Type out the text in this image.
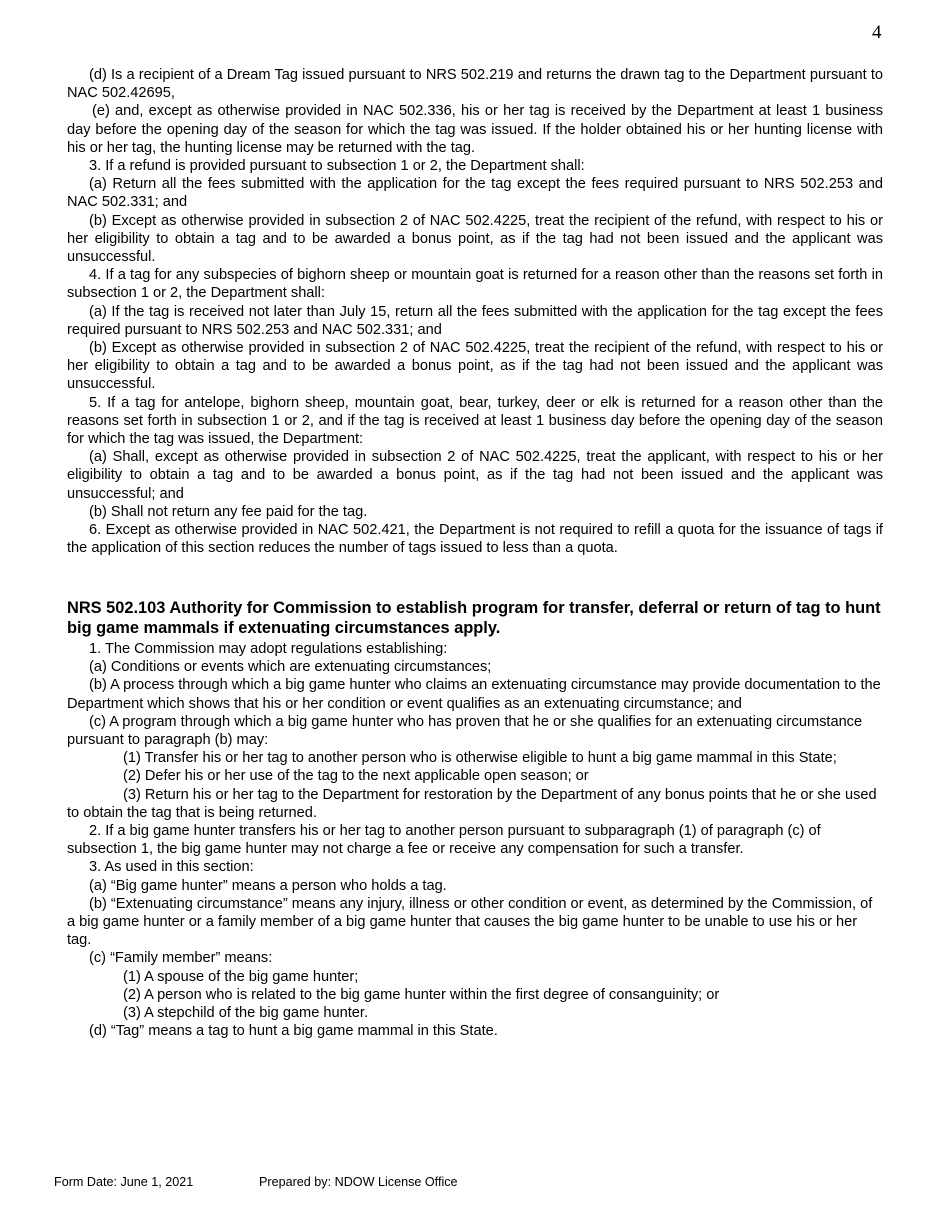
4

(d) Is a recipient of a Dream Tag issued pursuant to NRS 502.219 and returns the drawn tag to the Department pursuant to NAC 502.42695,

(e) and, except as otherwise provided in NAC 502.336, his or her tag is received by the Department at least 1 business day before the opening day of the season for which the tag was issued. If the holder obtained his or her hunting license with his or her tag, the hunting license may be returned with the tag.

3. If a refund is provided pursuant to subsection 1 or 2, the Department shall:

(a) Return all the fees submitted with the application for the tag except the fees required pursuant to NRS 502.253 and NAC 502.331; and

(b) Except as otherwise provided in subsection 2 of NAC 502.4225, treat the recipient of the refund, with respect to his or her eligibility to obtain a tag and to be awarded a bonus point, as if the tag had not been issued and the applicant was unsuccessful.

4. If a tag for any subspecies of bighorn sheep or mountain goat is returned for a reason other than the reasons set forth in subsection 1 or 2, the Department shall:

(a) If the tag is received not later than July 15, return all the fees submitted with the application for the tag except the fees required pursuant to NRS 502.253 and NAC 502.331; and

(b) Except as otherwise provided in subsection 2 of NAC 502.4225, treat the recipient of the refund, with respect to his or her eligibility to obtain a tag and to be awarded a bonus point, as if the tag had not been issued and the applicant was unsuccessful.

5. If a tag for antelope, bighorn sheep, mountain goat, bear, turkey, deer or elk is returned for a reason other than the reasons set forth in subsection 1 or 2, and if the tag is received at least 1 business day before the opening day of the season for which the tag was issued, the Department:

(a) Shall, except as otherwise provided in subsection 2 of NAC 502.4225, treat the applicant, with respect to his or her eligibility to obtain a tag and to be awarded a bonus point, as if the tag had not been issued and the applicant was unsuccessful; and

(b) Shall not return any fee paid for the tag.

6. Except as otherwise provided in NAC 502.421, the Department is not required to refill a quota for the issuance of tags if the application of this section reduces the number of tags issued to less than a quota.

NRS 502.103 Authority for Commission to establish program for transfer, deferral or return of tag to hunt big game mammals if extenuating circumstances apply.

1. The Commission may adopt regulations establishing:

(a) Conditions or events which are extenuating circumstances;

(b) A process through which a big game hunter who claims an extenuating circumstance may provide documentation to the Department which shows that his or her condition or event qualifies as an extenuating circumstance; and

(c) A program through which a big game hunter who has proven that he or she qualifies for an extenuating circumstance pursuant to paragraph (b) may:

(1) Transfer his or her tag to another person who is otherwise eligible to hunt a big game mammal in this State;

(2) Defer his or her use of the tag to the next applicable open season; or

(3) Return his or her tag to the Department for restoration by the Department of any bonus points that he or she used to obtain the tag that is being returned.

2. If a big game hunter transfers his or her tag to another person pursuant to subparagraph (1) of paragraph (c) of subsection 1, the big game hunter may not charge a fee or receive any compensation for such a transfer.

3. As used in this section:

(a) “Big game hunter” means a person who holds a tag.

(b) “Extenuating circumstance” means any injury, illness or other condition or event, as determined by the Commission, of a big game hunter or a family member of a big game hunter that causes the big game hunter to be unable to use his or her tag.

(c) “Family member” means:

(1) A spouse of the big game hunter;

(2) A person who is related to the big game hunter within the first degree of consanguinity; or

(3) A stepchild of the big game hunter.

(d) “Tag” means a tag to hunt a big game mammal in this State.

Form Date: June 1, 2021	Prepared by: NDOW License Office
